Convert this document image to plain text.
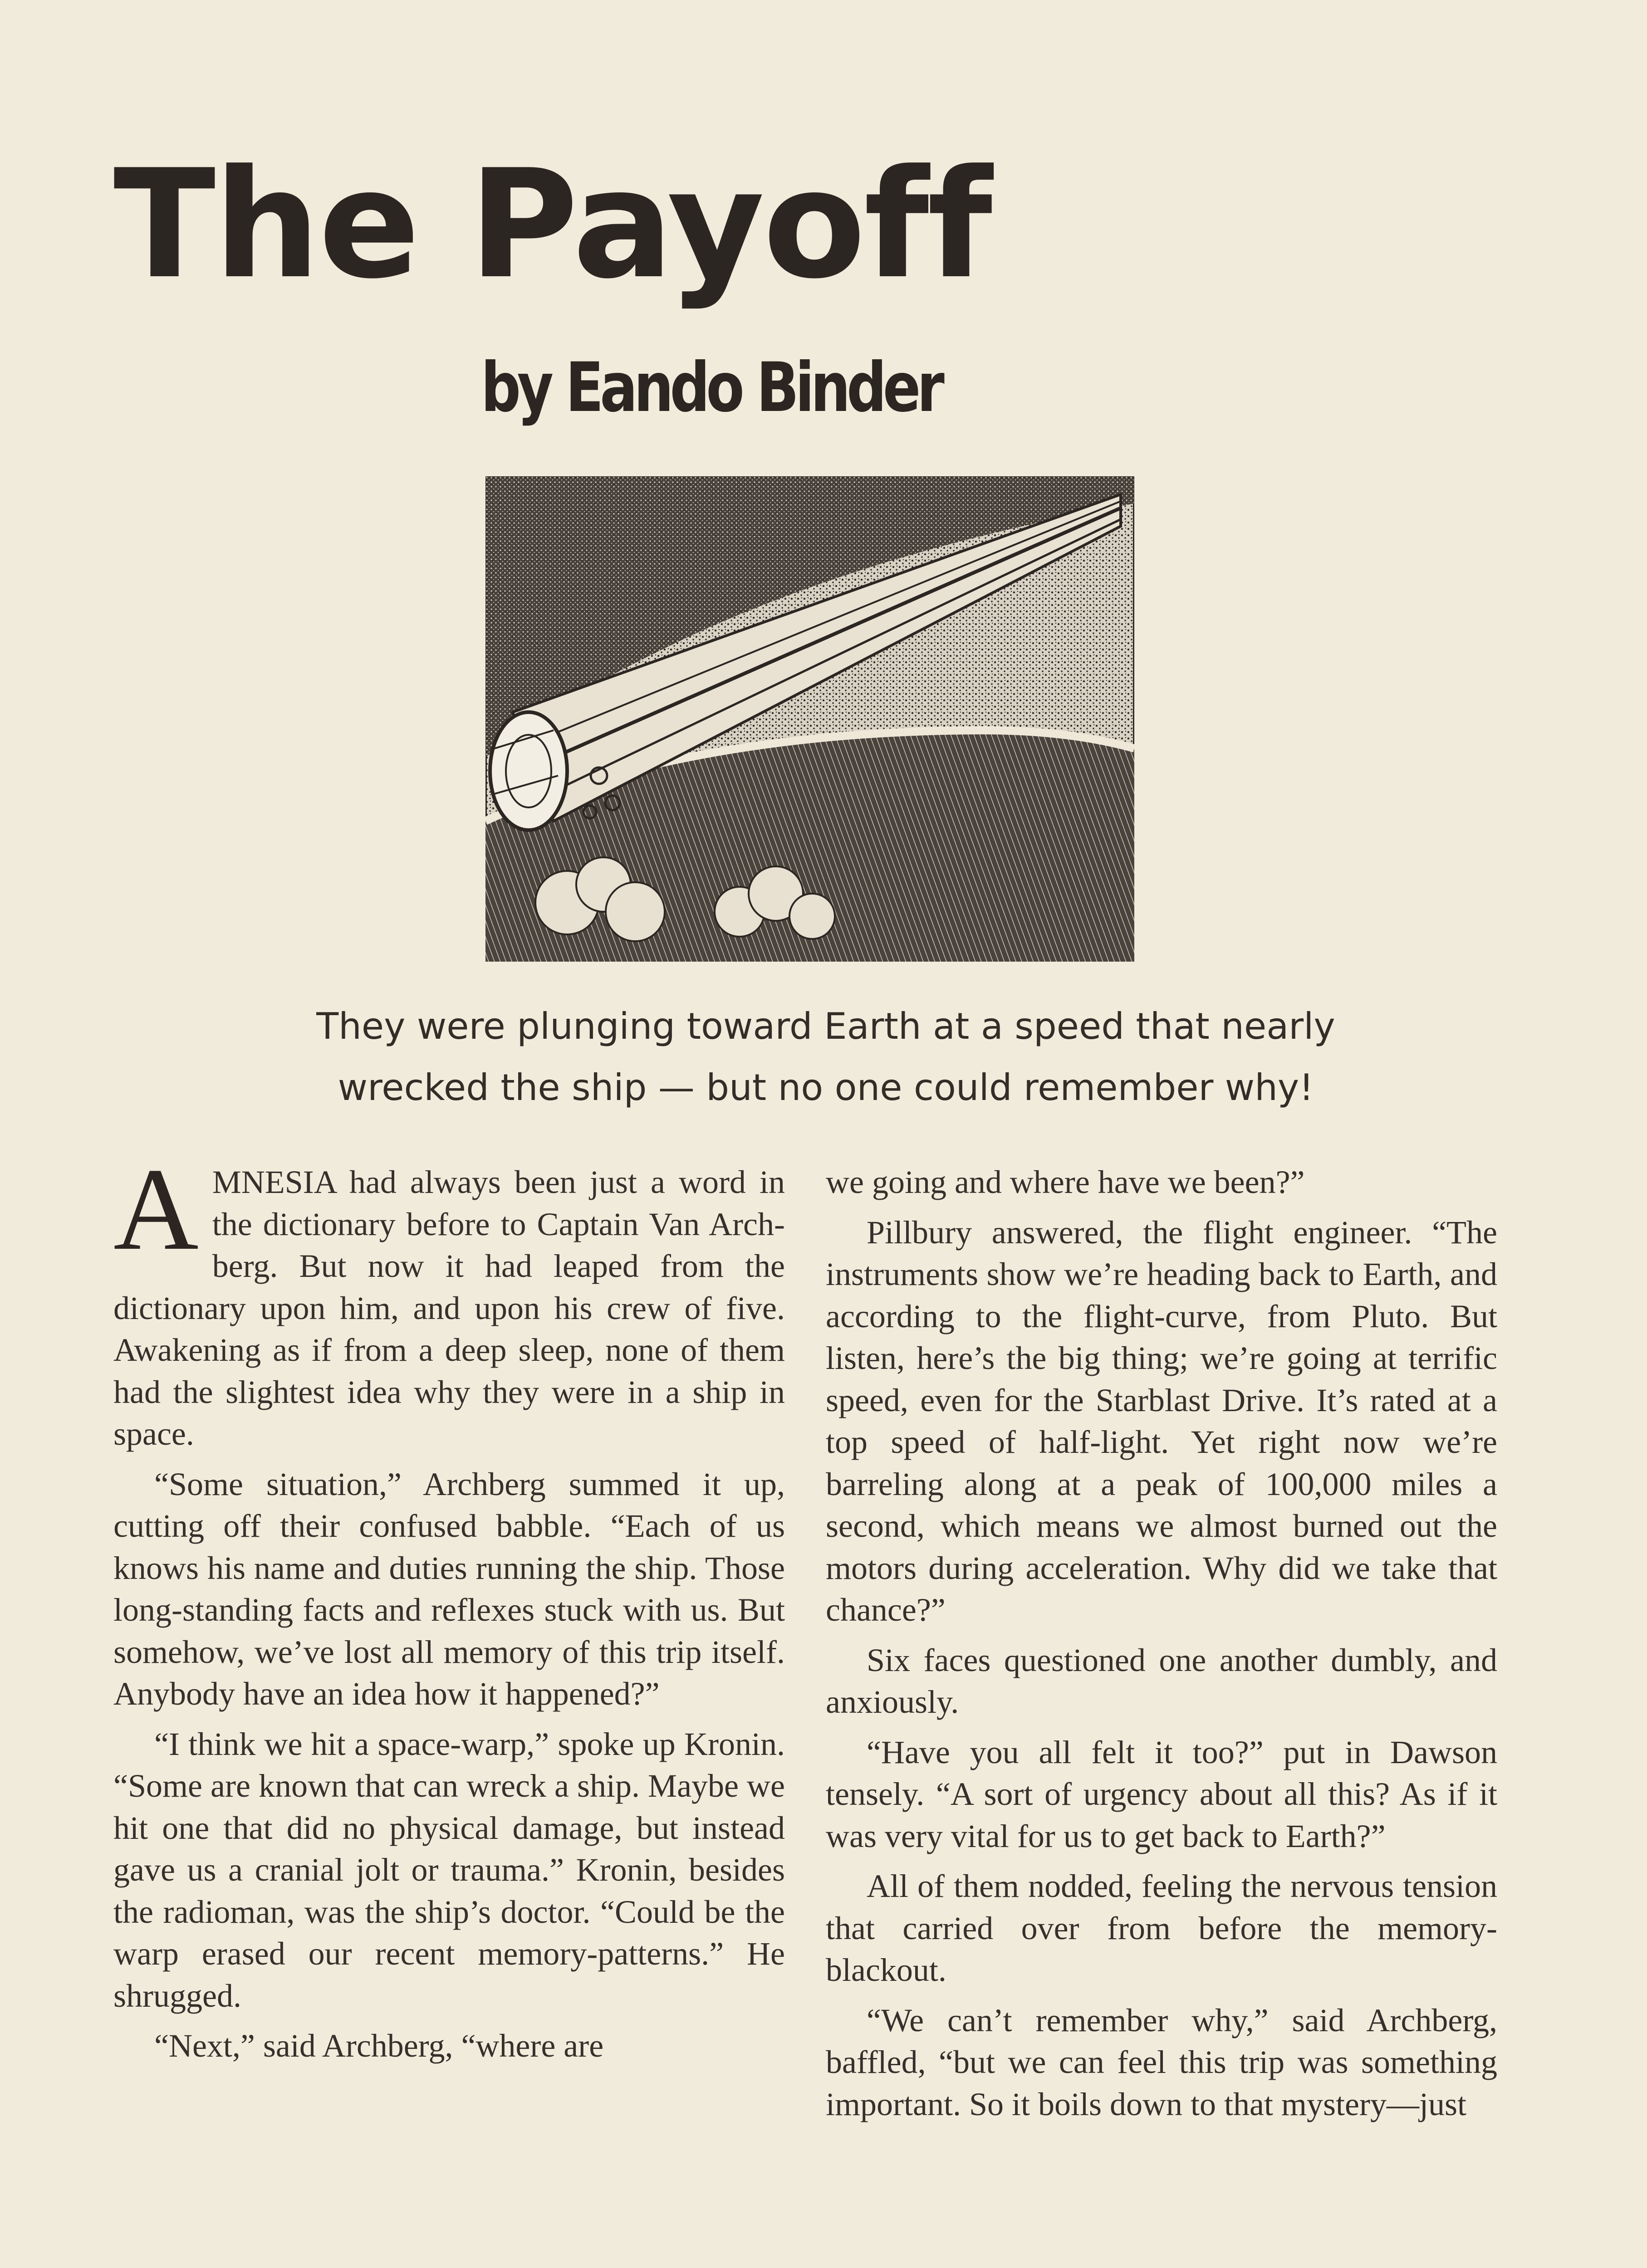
The Payoff
by Eando Binder
They were plunging toward Earth at a speed that nearly
wrecked the ship — but no one could remember why!

AMNESIA had always been just a word in the dictionary before to Captain Van Archberg. But now it had leaped from the dictionary upon him, and upon his crew of five. Awakening as if from a deep sleep, none of them had the slightest idea why they were in a ship in space.

“Some situation,” Archberg summed it up, cutting off their confused babble. “Each of us knows his name and duties running the ship. Those long-standing facts and reflexes stuck with us. But somehow, we’ve lost all memory of this trip itself. Anybody have an idea how it happened?”

“I think we hit a space-warp,” spoke up Kronin. “Some are known that can wreck a ship. Maybe we hit one that did no physical damage, but instead gave us a cranial jolt or trauma.” Kronin, besides the radioman, was the ship’s doctor. “Could be the warp erased our recent memory-patterns.” He shrugged.

“Next,” said Archberg, “where are

we going and where have we been?”

Pillbury answered, the flight engineer. “The instruments show we’re heading back to Earth, and according to the flight-curve, from Pluto. But listen, here’s the big thing; we’re going at terrific speed, even for the Starblast Drive. It’s rated at a top speed of half-light. Yet right now we’re barreling along at a peak of 100,000 miles a second, which means we almost burned out the motors during acceleration. Why did we take that chance?”

Six faces questioned one another dumbly, and anxiously.

“Have you all felt it too?” put in Dawson tensely. “A sort of urgency about all this? As if it was very vital for us to get back to Earth?”

All of them nodded, feeling the nervous tension that carried over from before the memory-blackout.

“We can’t remember why,” said Archberg, baffled, “but we can feel this trip was something important. So it boils down to that mystery—just
